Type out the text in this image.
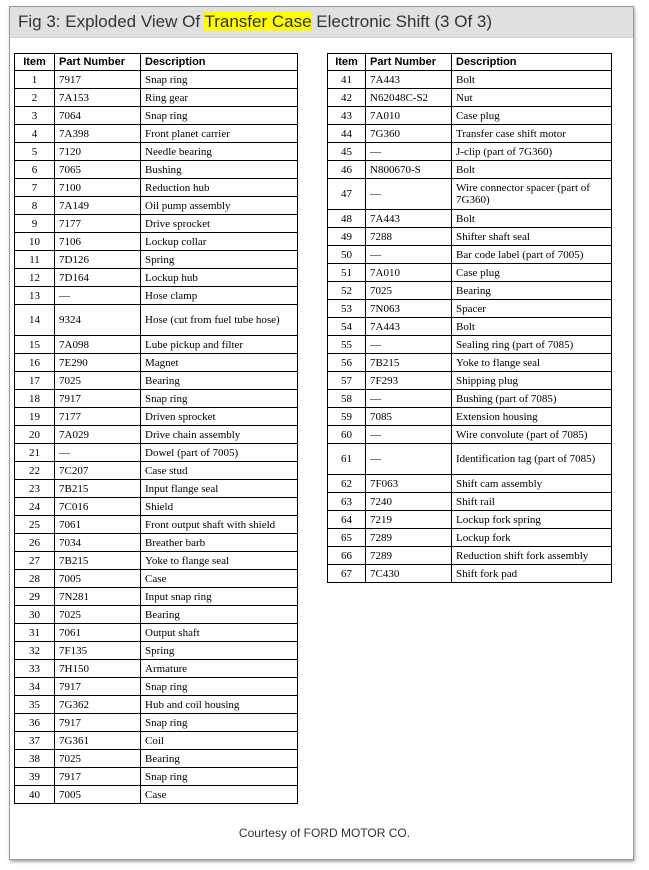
Fig 3: Exploded View Of Transfer Case Electronic Shift (3 Of 3)
Item	Part Number	Description
1	7917	Snap ring
2	7A153	Ring gear
3	7064	Snap ring
4	7A398	Front planet carrier
5	7120	Needle bearing
6	7065	Bushing
7	7100	Reduction hub
8	7A149	Oil pump assembly
9	7177	Drive sprocket
10	7106	Lockup collar
11	7D126	Spring
12	7D164	Lockup hub
13	—	Hose clamp
14	9324	Hose (cut from fuel tube hose)
15	7A098	Lube pickup and filter
16	7E290	Magnet
17	7025	Bearing
18	7917	Snap ring
19	7177	Driven sprocket
20	7A029	Drive chain assembly
21	—	Dowel (part of 7005)
22	7C207	Case stud
23	7B215	Input flange seal
24	7C016	Shield
25	7061	Front output shaft with shield
26	7034	Breather barb
27	7B215	Yoke to flange seal
28	7005	Case
29	7N281	Input snap ring
30	7025	Bearing
31	7061	Output shaft
32	7F135	Spring
33	7H150	Armature
34	7917	Snap ring
35	7G362	Hub and coil housing
36	7917	Snap ring
37	7G361	Coil
38	7025	Bearing
39	7917	Snap ring
40	7005	Case
Item	Part Number	Description
41	7A443	Bolt
42	N62048C-S2	Nut
43	7A010	Case plug
44	7G360	Transfer case shift motor
45	—	J-clip (part of 7G360)
46	N800670-S	Bolt
47	—	Wire connector spacer (part of 7G360)
48	7A443	Bolt
49	7288	Shifter shaft seal
50	—	Bar code label (part of 7005)
51	7A010	Case plug
52	7025	Bearing
53	7N063	Spacer
54	7A443	Bolt
55	—	Sealing ring (part of 7085)
56	7B215	Yoke to flange seal
57	7F293	Shipping plug
58	—	Bushing (part of 7085)
59	7085	Extension housing
60	—	Wire convolute (part of 7085)
61	—	Identification tag (part of 7085)
62	7F063	Shift cam assembly
63	7240	Shift rail
64	7219	Lockup fork spring
65	7289	Lockup fork
66	7289	Reduction shift fork assembly
67	7C430	Shift fork pad
Courtesy of FORD MOTOR CO.
